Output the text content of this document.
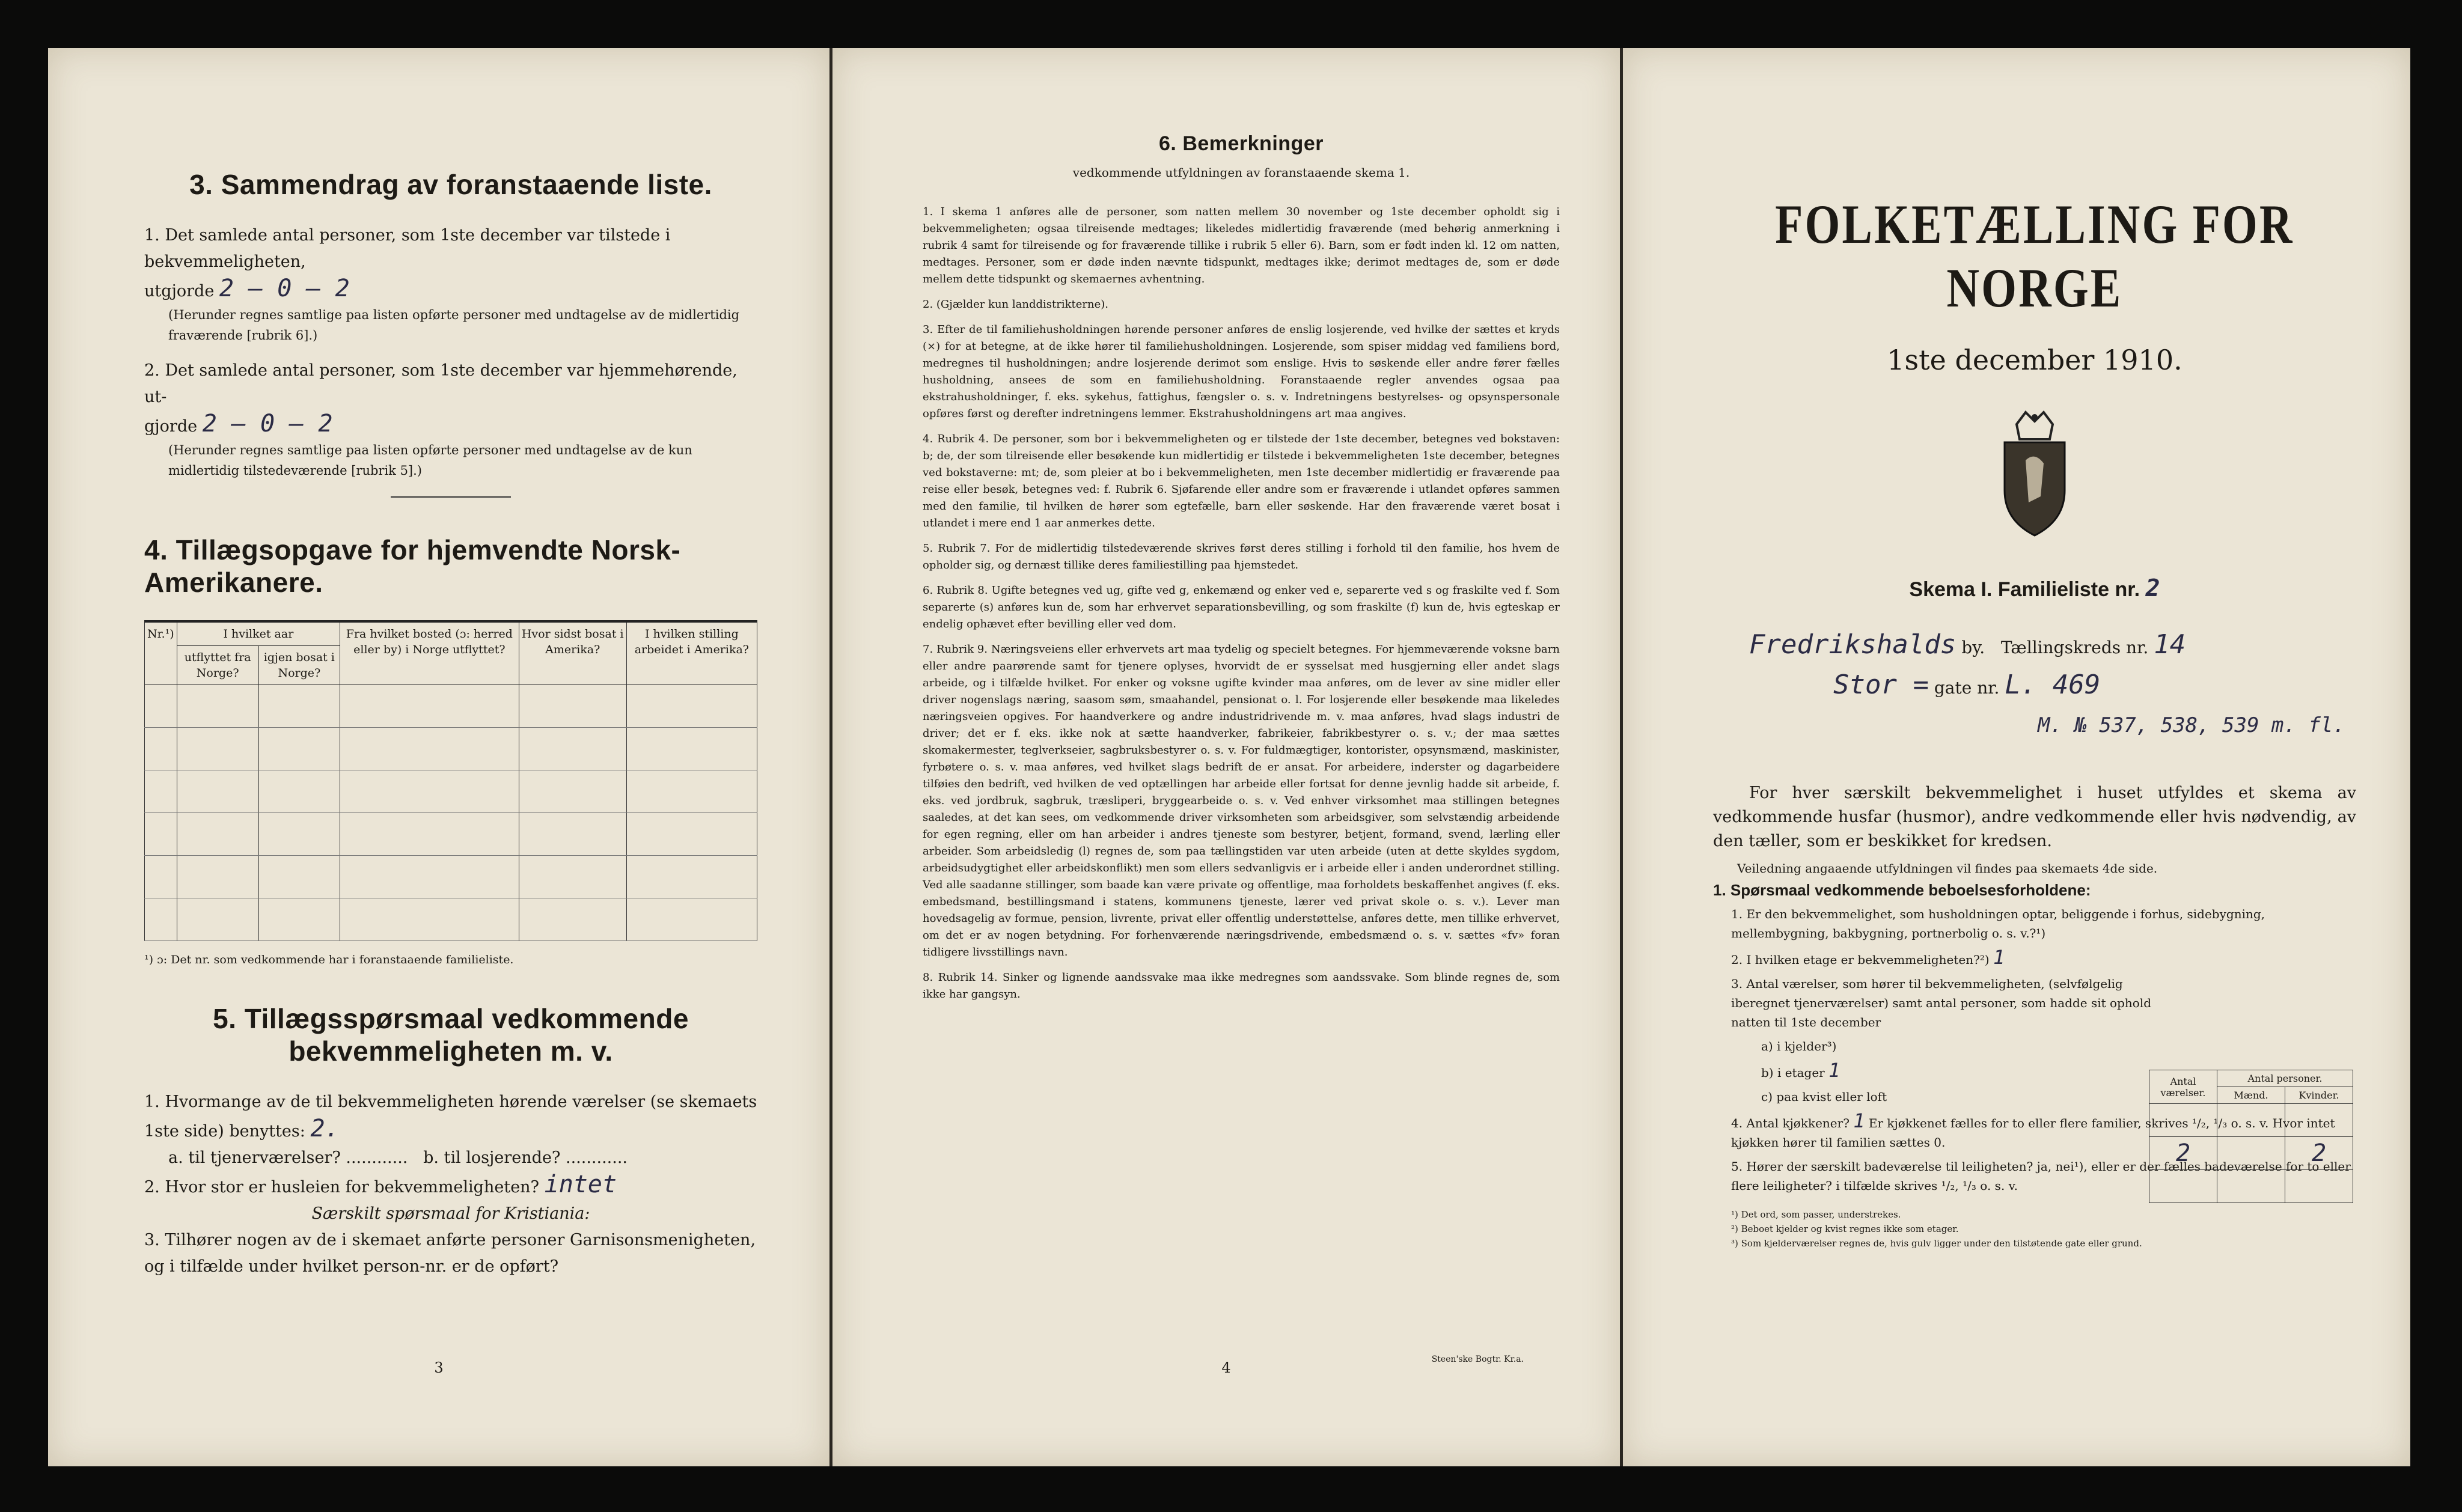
3. Sammendrag av foranstaaende liste.

1. Det samlede antal personer, som 1ste december var tilstede i bekvemmeligheten,

utgjorde 2 – 0 – 2

(Herunder regnes samtlige paa listen opførte personer med undtagelse av de midlertidig fraværende [rubrik 6].)

2. Det samlede antal personer, som 1ste december var hjemmehørende, ut-

gjorde 2 – 0 – 2

(Herunder regnes samtlige paa listen opførte personer med undtagelse av de kun midlertidig tilstedeværende [rubrik 5].)

4. Tillægsopgave for hjemvendte Norsk-Amerikanere.
Nr.¹)	I hvilket aar		Fra hvilket bosted (ɔ: herred eller by) i Norge utflyttet?	Hvor sidst bosat i Amerika?	I hvilken stilling arbeidet i Amerika?
	utflyttet fra Norge?	igjen bosat i Norge?			

¹) ɔ: Det nr. som vedkommende har i foranstaaende familieliste.

5. Tillægsspørsmaal vedkommende bekvemmeligheten m. v.

1. Hvormange av de til bekvemmeligheten hørende værelser (se skemaets 1ste side) benyttes: 2.

a. til tjenerværelser? ............   b. til losjerende? ............

2. Hvor stor er husleien for bekvemmeligheten? intet

Særskilt spørsmaal for Kristiania:

3. Tilhører nogen av de i skemaet anførte personer Garnisonsmenigheten, og i tilfælde under hvilket person-nr. er de opført?

3
6. Bemerkninger

vedkommende utfyldningen av foranstaaende skema 1.

1. I skema 1 anføres alle de personer, som natten mellem 30 november og 1ste december opholdt sig i bekvemmeligheten; ogsaa tilreisende medtages; likeledes midlertidig fraværende (med behørig anmerkning i rubrik 4 samt for tilreisende og for fraværende tillike i rubrik 5 eller 6). Barn, som er født inden kl. 12 om natten, medtages. Personer, som er døde inden nævnte tidspunkt, medtages ikke; derimot medtages de, som er døde mellem dette tidspunkt og skemaernes avhentning.

2. (Gjælder kun landdistrikterne).

3. Efter de til familiehusholdningen hørende personer anføres de enslig losjerende, ved hvilke der sættes et kryds (×) for at betegne, at de ikke hører til familiehusholdningen. Losjerende, som spiser middag ved familiens bord, medregnes til husholdningen; andre losjerende derimot som enslige. Hvis to søskende eller andre fører fælles husholdning, ansees de som en familiehusholdning. Foranstaaende regler anvendes ogsaa paa ekstrahusholdninger, f. eks. sykehus, fattighus, fængsler o. s. v. Indretningens bestyrelses- og opsynspersonale opføres først og derefter indretningens lemmer. Ekstrahusholdningens art maa angives.

4. Rubrik 4. De personer, som bor i bekvemmeligheten og er tilstede der 1ste december, betegnes ved bokstaven: b; de, der som tilreisende eller besøkende kun midlertidig er tilstede i bekvemmeligheten 1ste december, betegnes ved bokstaverne: mt; de, som pleier at bo i bekvemmeligheten, men 1ste december midlertidig er fraværende paa reise eller besøk, betegnes ved: f. Rubrik 6. Sjøfarende eller andre som er fraværende i utlandet opføres sammen med den familie, til hvilken de hører som egtefælle, barn eller søskende. Har den fraværende været bosat i utlandet i mere end 1 aar anmerkes dette.

5. Rubrik 7. For de midlertidig tilstedeværende skrives først deres stilling i forhold til den familie, hos hvem de opholder sig, og dernæst tillike deres familiestilling paa hjemstedet.

6. Rubrik 8. Ugifte betegnes ved ug, gifte ved g, enkemænd og enker ved e, separerte ved s og fraskilte ved f. Som separerte (s) anføres kun de, som har erhvervet separationsbevilling, og som fraskilte (f) kun de, hvis egteskap er endelig ophævet efter bevilling eller ved dom.

7. Rubrik 9. Næringsveiens eller erhvervets art maa tydelig og specielt betegnes. For hjemmeværende voksne barn eller andre paarørende samt for tjenere oplyses, hvorvidt de er sysselsat med husgjerning eller andet slags arbeide, og i tilfælde hvilket. For enker og voksne ugifte kvinder maa anføres, om de lever av sine midler eller driver nogenslags næring, saasom søm, smaahandel, pensionat o. l. For losjerende eller besøkende maa likeledes næringsveien opgives. For haandverkere og andre industridrivende m. v. maa anføres, hvad slags industri de driver; det er f. eks. ikke nok at sætte haandverker, fabrikeier, fabrikbestyrer o. s. v.; der maa sættes skomakermester, teglverkseier, sagbruksbestyrer o. s. v. For fuldmægtiger, kontorister, opsynsmænd, maskinister, fyrbøtere o. s. v. maa anføres, ved hvilket slags bedrift de er ansat. For arbeidere, inderster og dagarbeidere tilføies den bedrift, ved hvilken de ved optællingen har arbeide eller fortsat for denne jevnlig hadde sit arbeide, f. eks. ved jordbruk, sagbruk, træsliperi, bryggearbeide o. s. v. Ved enhver virksomhet maa stillingen betegnes saaledes, at det kan sees, om vedkommende driver virksomheten som arbeidsgiver, som selvstændig arbeidende for egen regning, eller om han arbeider i andres tjeneste som bestyrer, betjent, formand, svend, lærling eller arbeider. Som arbeidsledig (l) regnes de, som paa tællingstiden var uten arbeide (uten at dette skyldes sygdom, arbeidsudygtighet eller arbeidskonflikt) men som ellers sedvanligvis er i arbeide eller i anden underordnet stilling. Ved alle saadanne stillinger, som baade kan være private og offentlige, maa forholdets beskaffenhet angives (f. eks. embedsmand, bestillingsmand i statens, kommunens tjeneste, lærer ved privat skole o. s. v.). Lever man hovedsagelig av formue, pension, livrente, privat eller offentlig understøttelse, anføres dette, men tillike erhvervet, om det er av nogen betydning. For forhenværende næringsdrivende, embedsmænd o. s. v. sættes «fv» foran tidligere livsstillings navn.

8. Rubrik 14. Sinker og lignende aandssvake maa ikke medregnes som aandssvake. Som blinde regnes de, som ikke har gangsyn.

4	Steen'ske Bogtr. Kr.a.
FOLKETÆLLING FOR NORGE
1ste december 1910.
Skema I. Familieliste nr. 2

Fredrikshalds by. Tællingskreds nr. 14

Stor = gate nr. L. 469

M. № 537, 538, 539 m. fl.

For hver særskilt bekvemmelighet i huset utfyldes et skema av vedkommende husfar (husmor), andre vedkommende eller hvis nødvendig, av den tæller, som er beskikket for kredsen.

Veiledning angaaende utfyldningen vil findes paa skemaets 4de side.

1. Spørsmaal vedkommende beboelsesforholdene:

1. Er den bekvemmelighet, som husholdningen optar, beliggende i forhus, sidebygning, mellembygning, bakbygning, portnerbolig o. s. v.?¹)

2. I hvilken etage er bekvemmeligheten?²) 1

3. Antal værelser, som hører til bekvemmeligheten, (selvfølgelig iberegnet tjenerværelser) samt antal personer, som hadde sit ophold natten til 1ste december

a) i kjelder³)

b) i etager 1

c) paa kvist eller loft

4. Antal kjøkkener? 1 Er kjøkkenet fælles for to eller flere familier, skrives ¹/₂, ¹/₃ o. s. v. Hvor intet kjøkken hører til familien sættes 0.

5. Hører der særskilt badeværelse til leiligheten? ja, nei¹), eller er der fælles badeværelse for to eller flere leiligheter? i tilfælde skrives ¹/₂, ¹/₃ o. s. v.

¹) Det ord, som passer, understrekes.

²) Beboet kjelder og kvist regnes ikke som etager.

³) Som kjelderværelser regnes de, hvis gulv ligger under den tilstøtende gate eller grund.

Antal værelser.	Antal personer.	
	Mænd.	Kvinder.

2		2
